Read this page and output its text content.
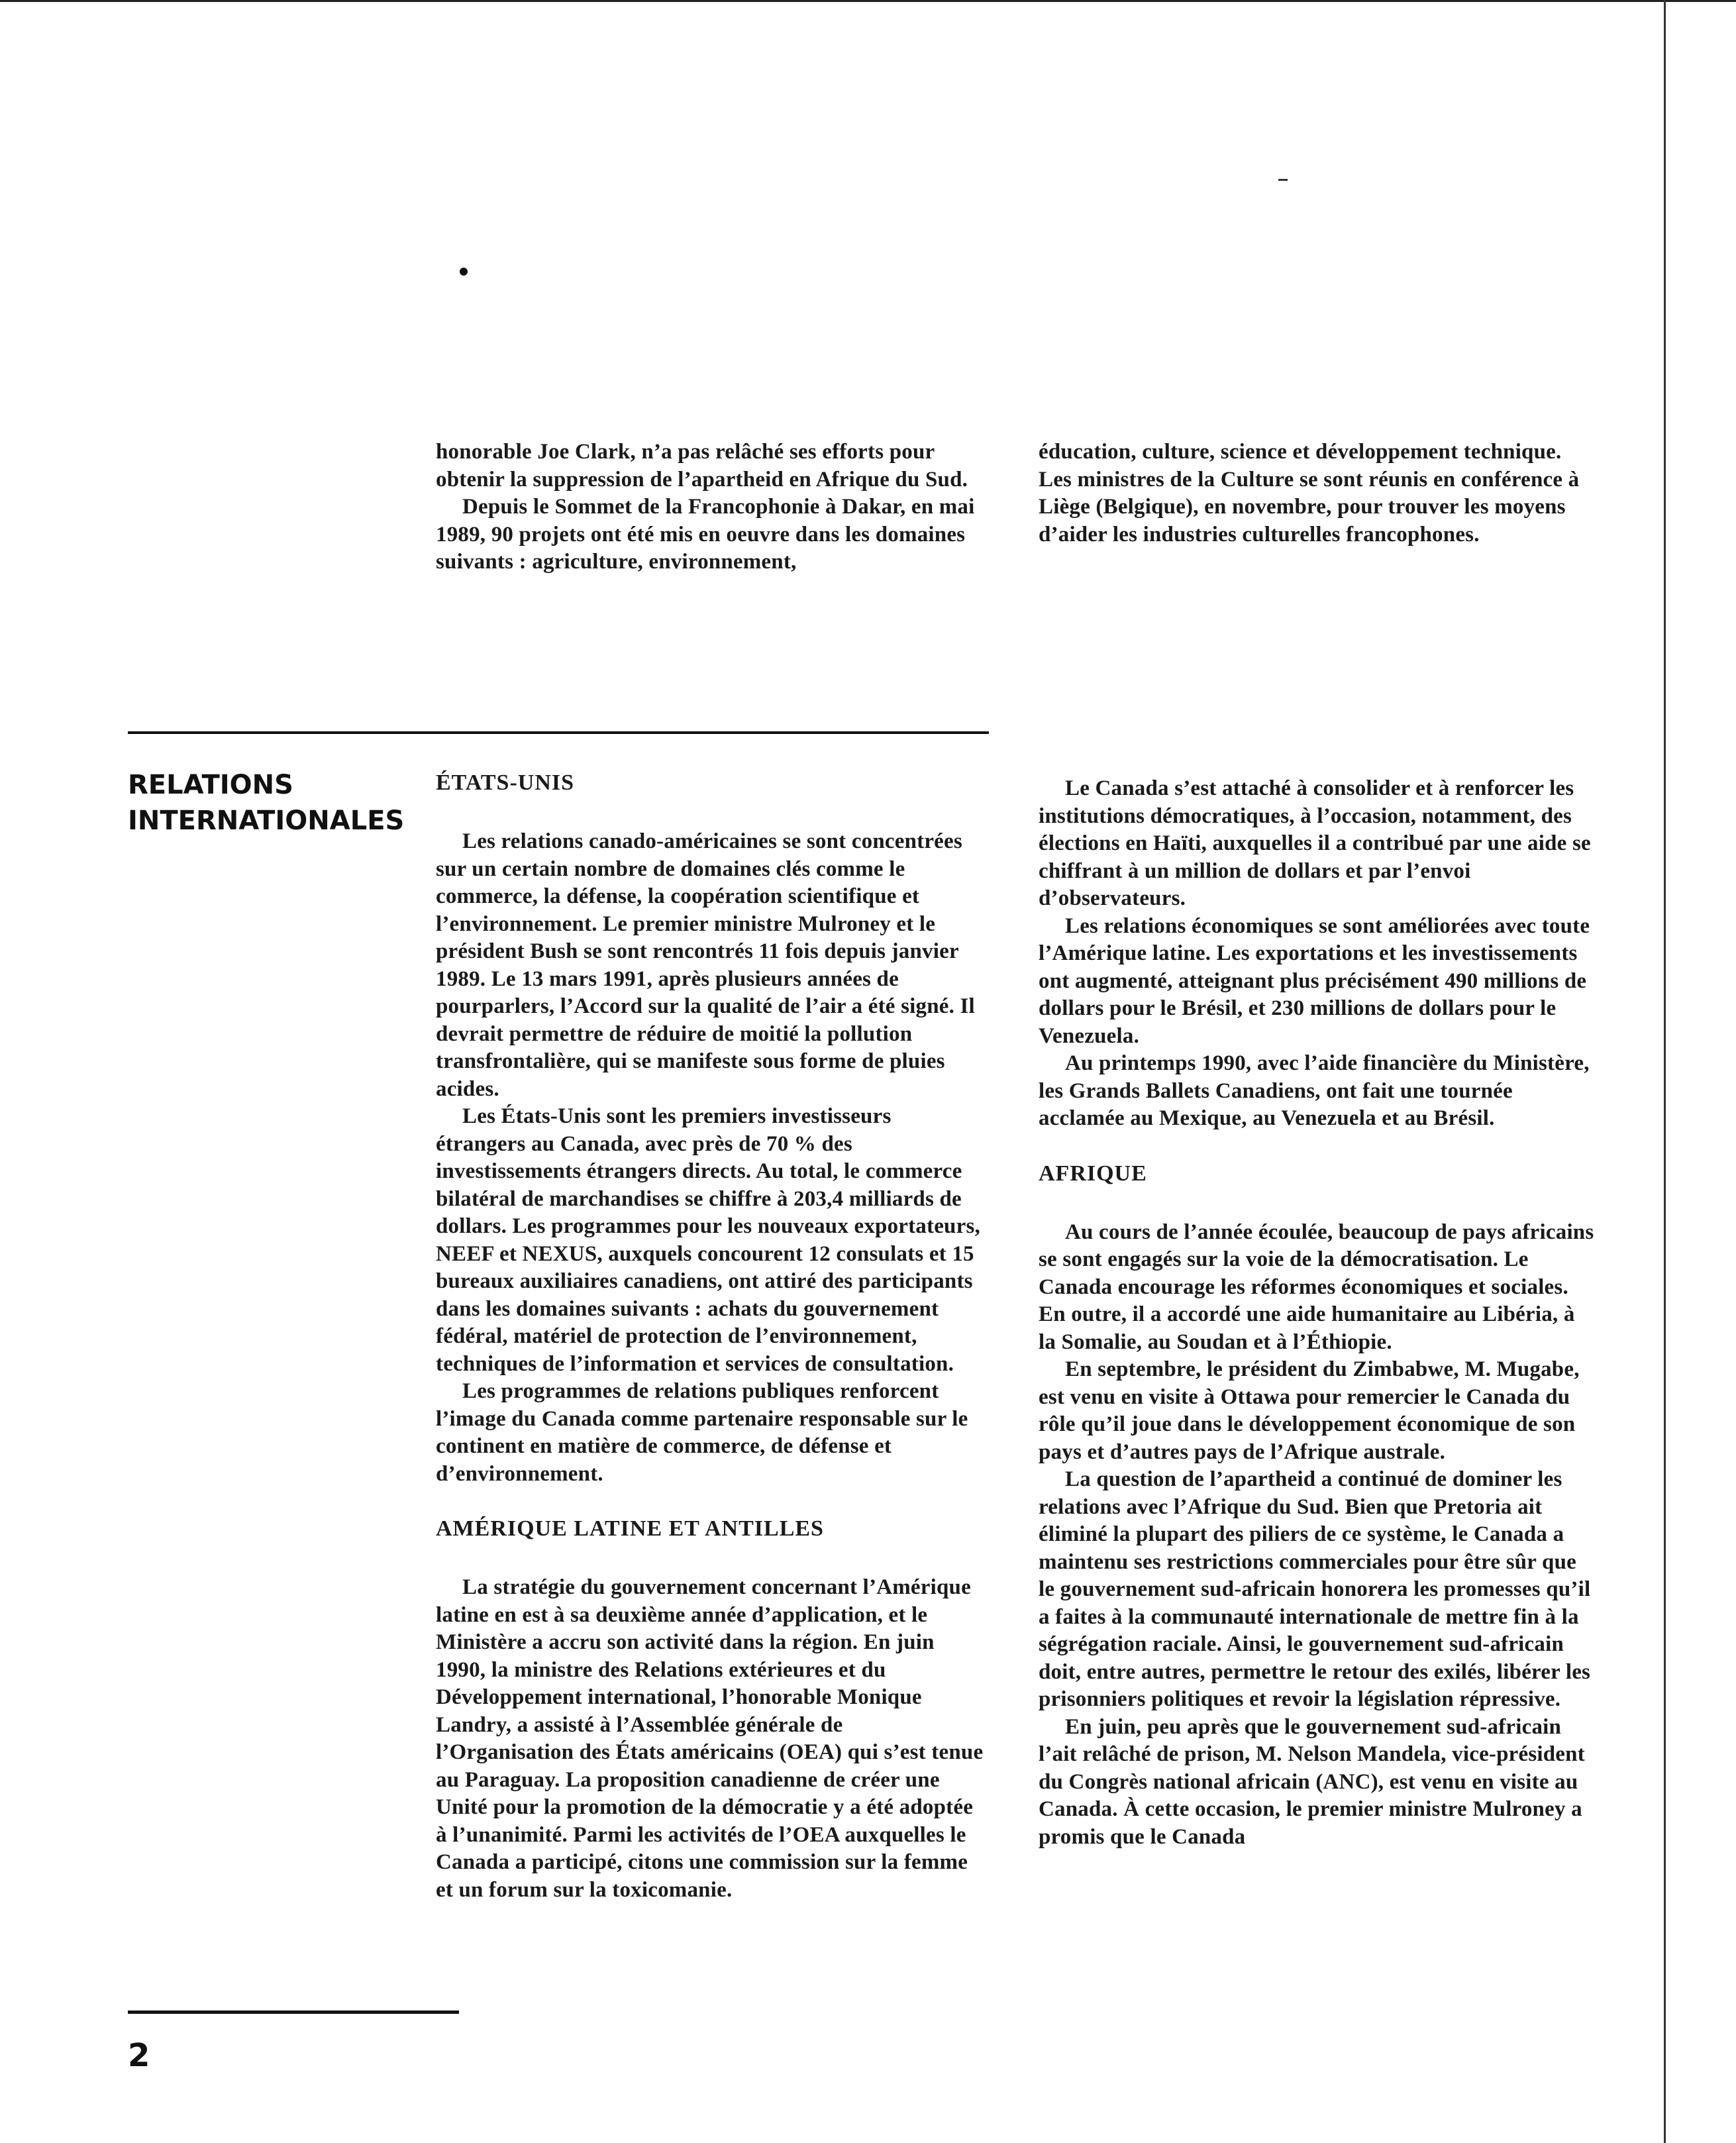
honorable Joe Clark, n’a pas relâché ses efforts pour obtenir la suppression de l’apartheid en Afrique du Sud.

Depuis le Sommet de la Francophonie à Dakar, en mai 1989, 90 projets ont été mis en oeuvre dans les domaines suivants : agriculture, environnement,

éducation, culture, science et développement technique. Les ministres de la Culture se sont réunis en conférence à Liège (Belgique), en novembre, pour trouver les moyens d’aider les industries culturelles francophones.

RELATIONS
INTERNATIONALES
ÉTATS-UNIS

Les relations canado-américaines se sont concentrées sur un certain nombre de domaines clés comme le commerce, la défense, la coopération scientifique et l’environnement. Le premier ministre Mulroney et le président Bush se sont rencontrés 11 fois depuis janvier 1989. Le 13 mars 1991, après plusieurs années de pourparlers, l’Accord sur la qualité de l’air a été signé. Il devrait permettre de réduire de moitié la pollution transfrontalière, qui se manifeste sous forme de pluies acides.

Les États-Unis sont les premiers investisseurs étrangers au Canada, avec près de 70 % des investissements étrangers directs. Au total, le commerce bilatéral de marchandises se chiffre à 203,4 milliards de dollars. Les programmes pour les nouveaux exportateurs, NEEF et NEXUS, auxquels concourent 12 consulats et 15 bureaux auxiliaires canadiens, ont attiré des participants dans les domaines suivants : achats du gouvernement fédéral, matériel de protection de l’environnement, techniques de l’information et services de consultation.

Les programmes de relations publiques renforcent l’image du Canada comme partenaire responsable sur le continent en matière de commerce, de défense et d’environnement.

AMÉRIQUE LATINE ET ANTILLES

La stratégie du gouvernement concernant l’Amérique latine en est à sa deuxième année d’application, et le Ministère a accru son activité dans la région. En juin 1990, la ministre des Relations extérieures et du Développement international, l’honorable Monique Landry, a assisté à l’Assemblée générale de l’Organisation des États américains (OEA) qui s’est tenue au Paraguay. La proposition canadienne de créer une Unité pour la promotion de la démocratie y a été adoptée à l’unanimité. Parmi les activités de l’OEA auxquelles le Canada a participé, citons une commission sur la femme et un forum sur la toxicomanie.

Le Canada s’est attaché à consolider et à renforcer les institutions démocratiques, à l’occasion, notamment, des élections en Haïti, auxquelles il a contribué par une aide se chiffrant à un million de dollars et par l’envoi d’observateurs.

Les relations économiques se sont améliorées avec toute l’Amérique latine. Les exportations et les investissements ont augmenté, atteignant plus précisément 490 millions de dollars pour le Brésil, et 230 millions de dollars pour le Venezuela.

Au printemps 1990, avec l’aide financière du Ministère, les Grands Ballets Canadiens, ont fait une tournée acclamée au Mexique, au Venezuela et au Brésil.

AFRIQUE

Au cours de l’année écoulée, beaucoup de pays africains se sont engagés sur la voie de la démocratisation. Le Canada encourage les réformes économiques et sociales. En outre, il a accordé une aide humanitaire au Libéria, à la Somalie, au Soudan et à l’Éthiopie.

En septembre, le président du Zimbabwe, M. Mugabe, est venu en visite à Ottawa pour remercier le Canada du rôle qu’il joue dans le développement économique de son pays et d’autres pays de l’Afrique australe.

La question de l’apartheid a continué de dominer les relations avec l’Afrique du Sud. Bien que Pretoria ait éliminé la plupart des piliers de ce système, le Canada a maintenu ses restrictions commerciales pour être sûr que le gouvernement sud-africain honorera les promesses qu’il a faites à la communauté internationale de mettre fin à la ségrégation raciale. Ainsi, le gouvernement sud-africain doit, entre autres, permettre le retour des exilés, libérer les prisonniers politiques et revoir la législation répressive.

En juin, peu après que le gouvernement sud-africain l’ait relâché de prison, M. Nelson Mandela, vice-président du Congrès national africain (ANC), est venu en visite au Canada. À cette occasion, le premier ministre Mulroney a promis que le Canada

2
